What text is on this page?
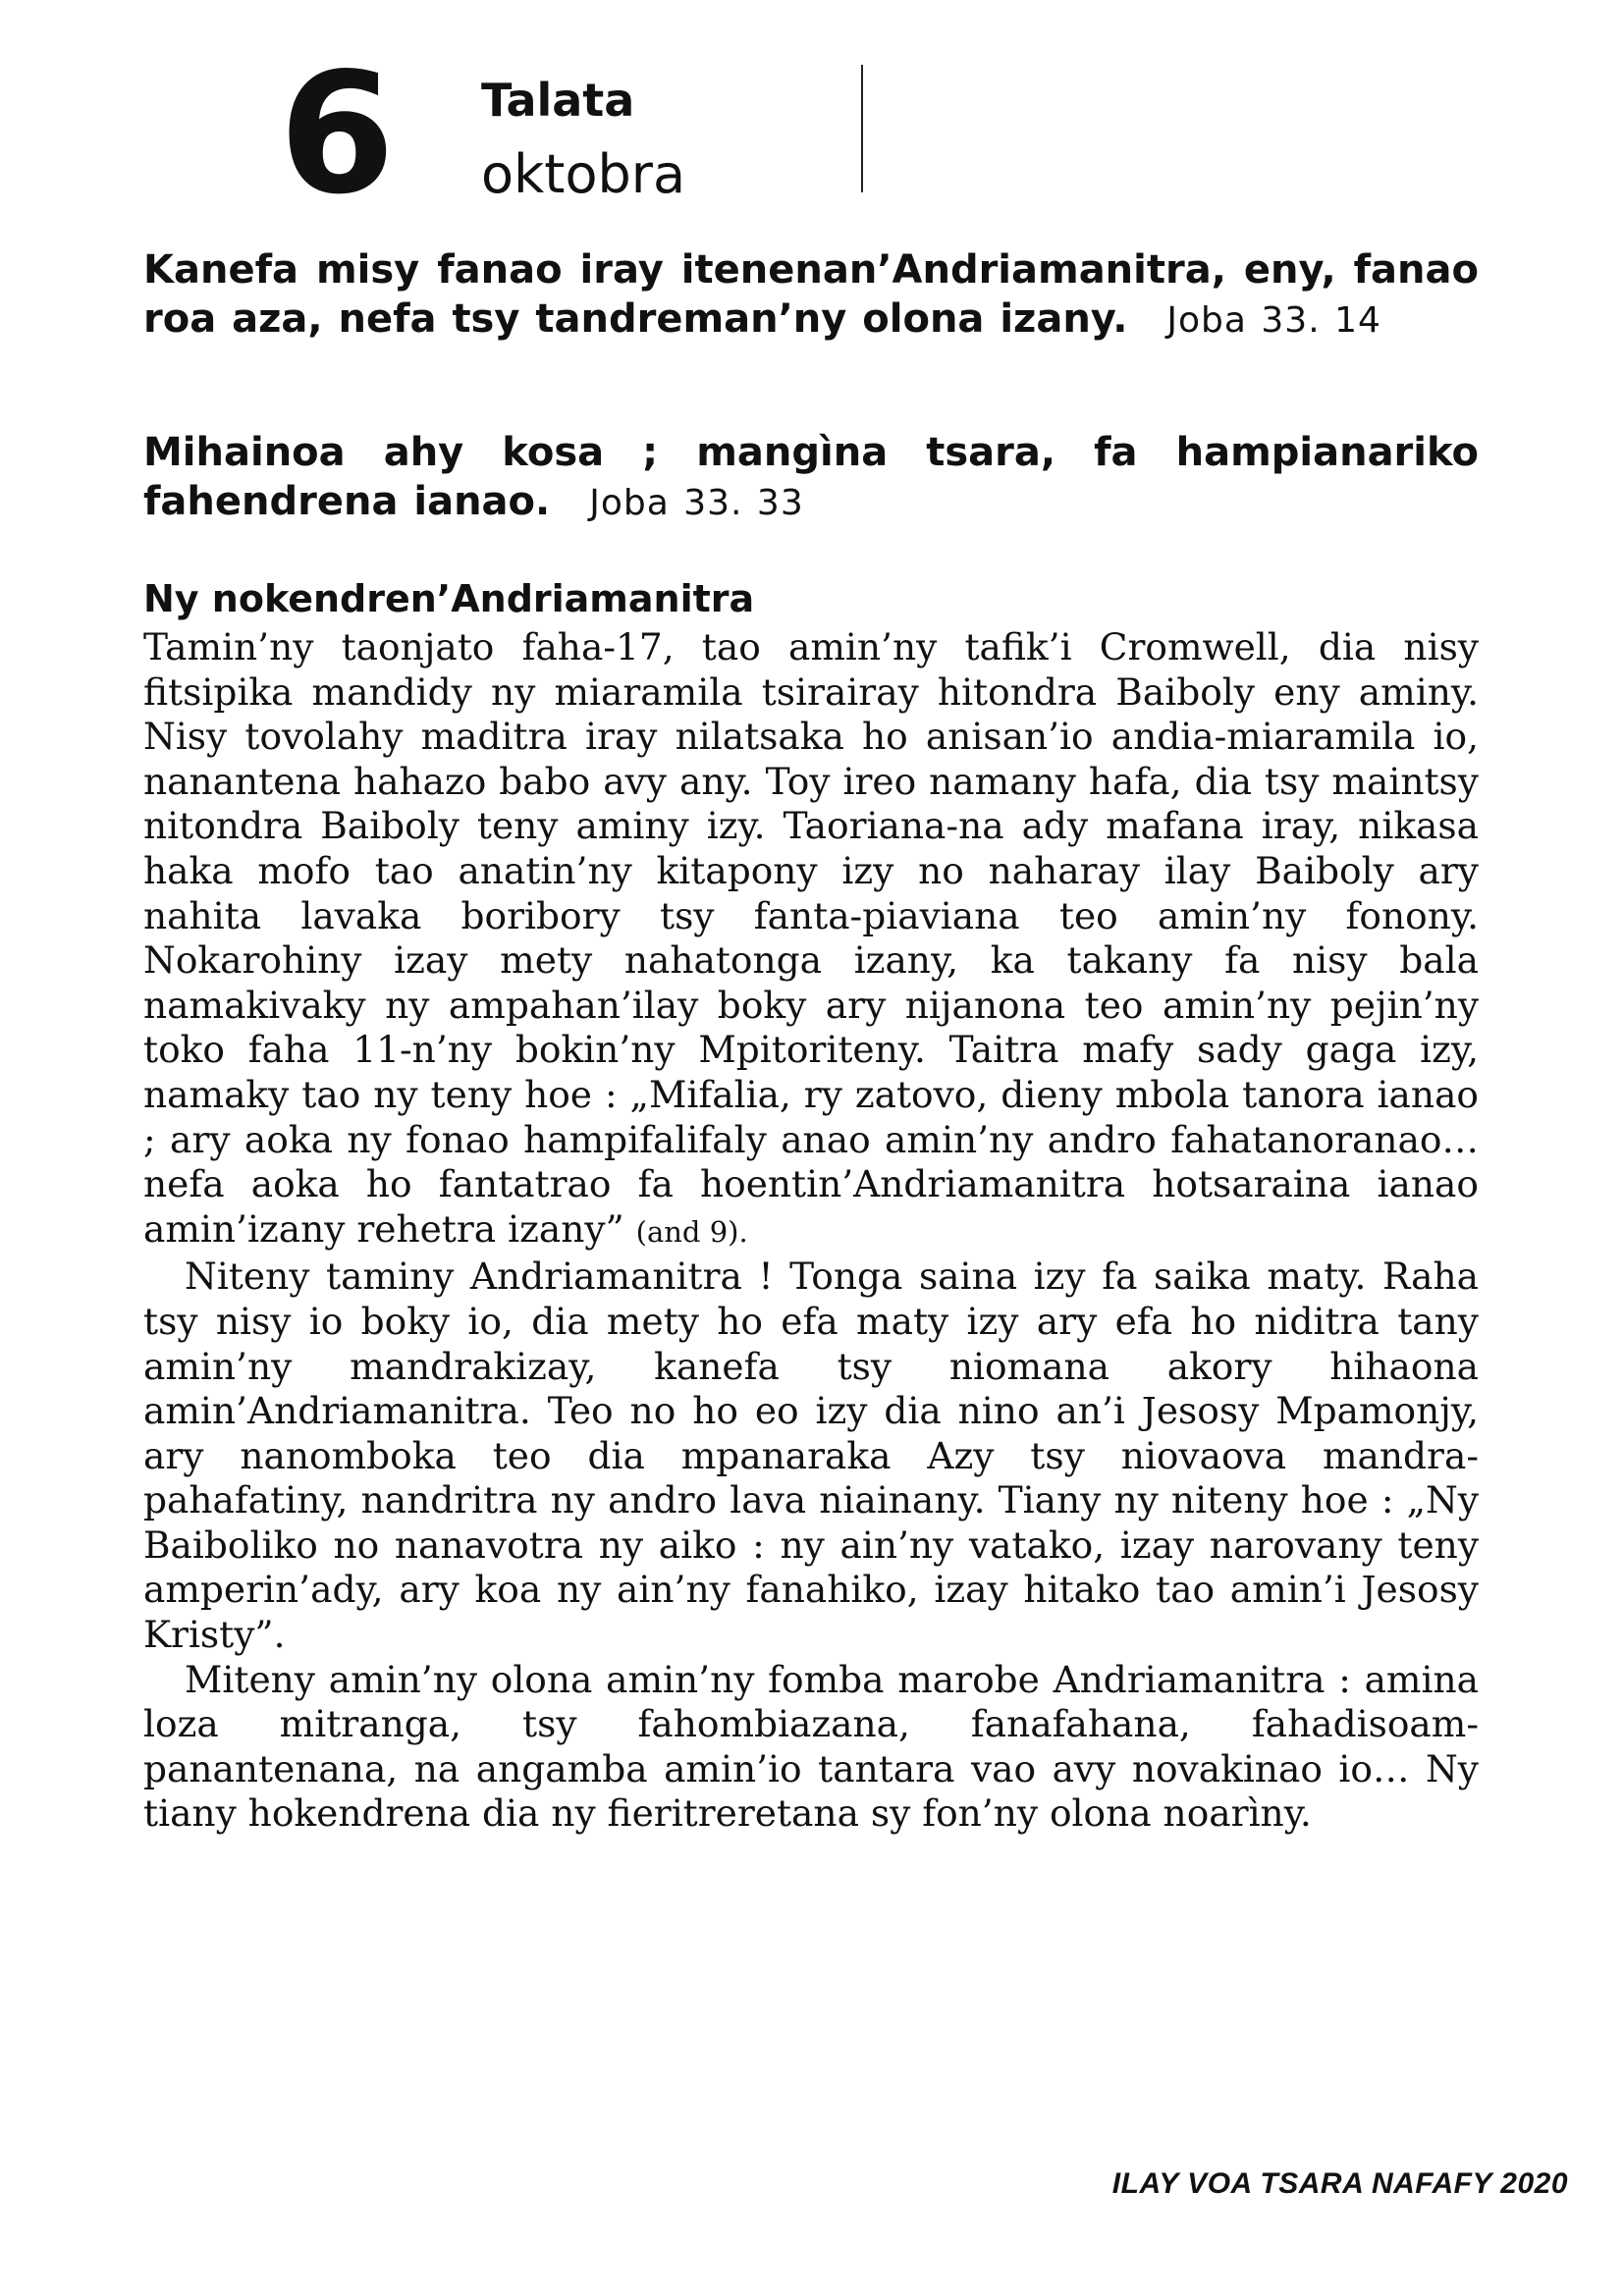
6 Talata
oktobra
Kanefa misy fanao iray itenenan’Andriamanitra, eny, fanao roa aza, nefa tsy tandreman’ny olona izany. Joba 33. 14
Mihainoa ahy kosa ; mangìna tsara, fa hampianariko fahendrena ianao. Joba 33. 33
Ny nokendren’Andriamanitra

Tamin’ny taonjato faha-17, tao amin’ny tafik’i Cromwell, dia nisy fitsipika mandidy ny miaramila tsirairay hitondra Baiboly eny aminy. Nisy tovolahy maditra iray nilatsaka ho anisan’io andia-miaramila io, nanantena hahazo babo avy any. Toy ireo namany hafa, dia tsy maintsy nitondra Baiboly teny aminy izy. Taoriana-na ady mafana iray, nikasa haka mofo tao anatin’ny kitapony izy no naharay ilay Baiboly ary nahita lavaka boribory tsy fanta-piaviana teo amin’ny fonony. Nokarohiny izay mety nahatonga izany, ka takany fa nisy bala namakivaky ny ampahan’ilay boky ary nijanona teo amin’ny pejin’ny toko faha 11-n’ny bokin’ny Mpitoriteny. Taitra mafy sady gaga izy, namaky tao ny teny hoe : „Mifalia, ry zatovo, dieny mbola tanora ianao ; ary aoka ny fonao hampifalifaly anao amin’ny andro fahatanoranao… nefa aoka ho fantatrao fa hoentin’Andriamanitra hotsaraina ianao amin’izany rehetra izany” (and 9).

Niteny taminy Andriamanitra ! Tonga saina izy fa saika maty. Raha tsy nisy io boky io, dia mety ho efa maty izy ary efa ho niditra tany amin’ny mandrakizay, kanefa tsy niomana akory hihaona amin’Andriamanitra. Teo no ho eo izy dia nino an’i Jesosy Mpamonjy, ary nanomboka teo dia mpanaraka Azy tsy niovaova mandra-pahafatiny, nandritra ny andro lava niainany. Tiany ny niteny hoe : „Ny Baiboliko no nanavotra ny aiko : ny ain’ny vatako, izay narovany teny amperin’ady, ary koa ny ain’ny fanahiko, izay hitako tao amin’i Jesosy Kristy”.

Miteny amin’ny olona amin’ny fomba marobe Andriamanitra : amina loza mitranga, tsy fahombiazana, fanafahana, fahadisoam-panantenana, na angamba amin’io tantara vao avy novakinao io… Ny tiany hokendrena dia ny fieritreretana sy fon’ny olona noarìny.

ILAY VOA TSARA NAFAFY 2020
